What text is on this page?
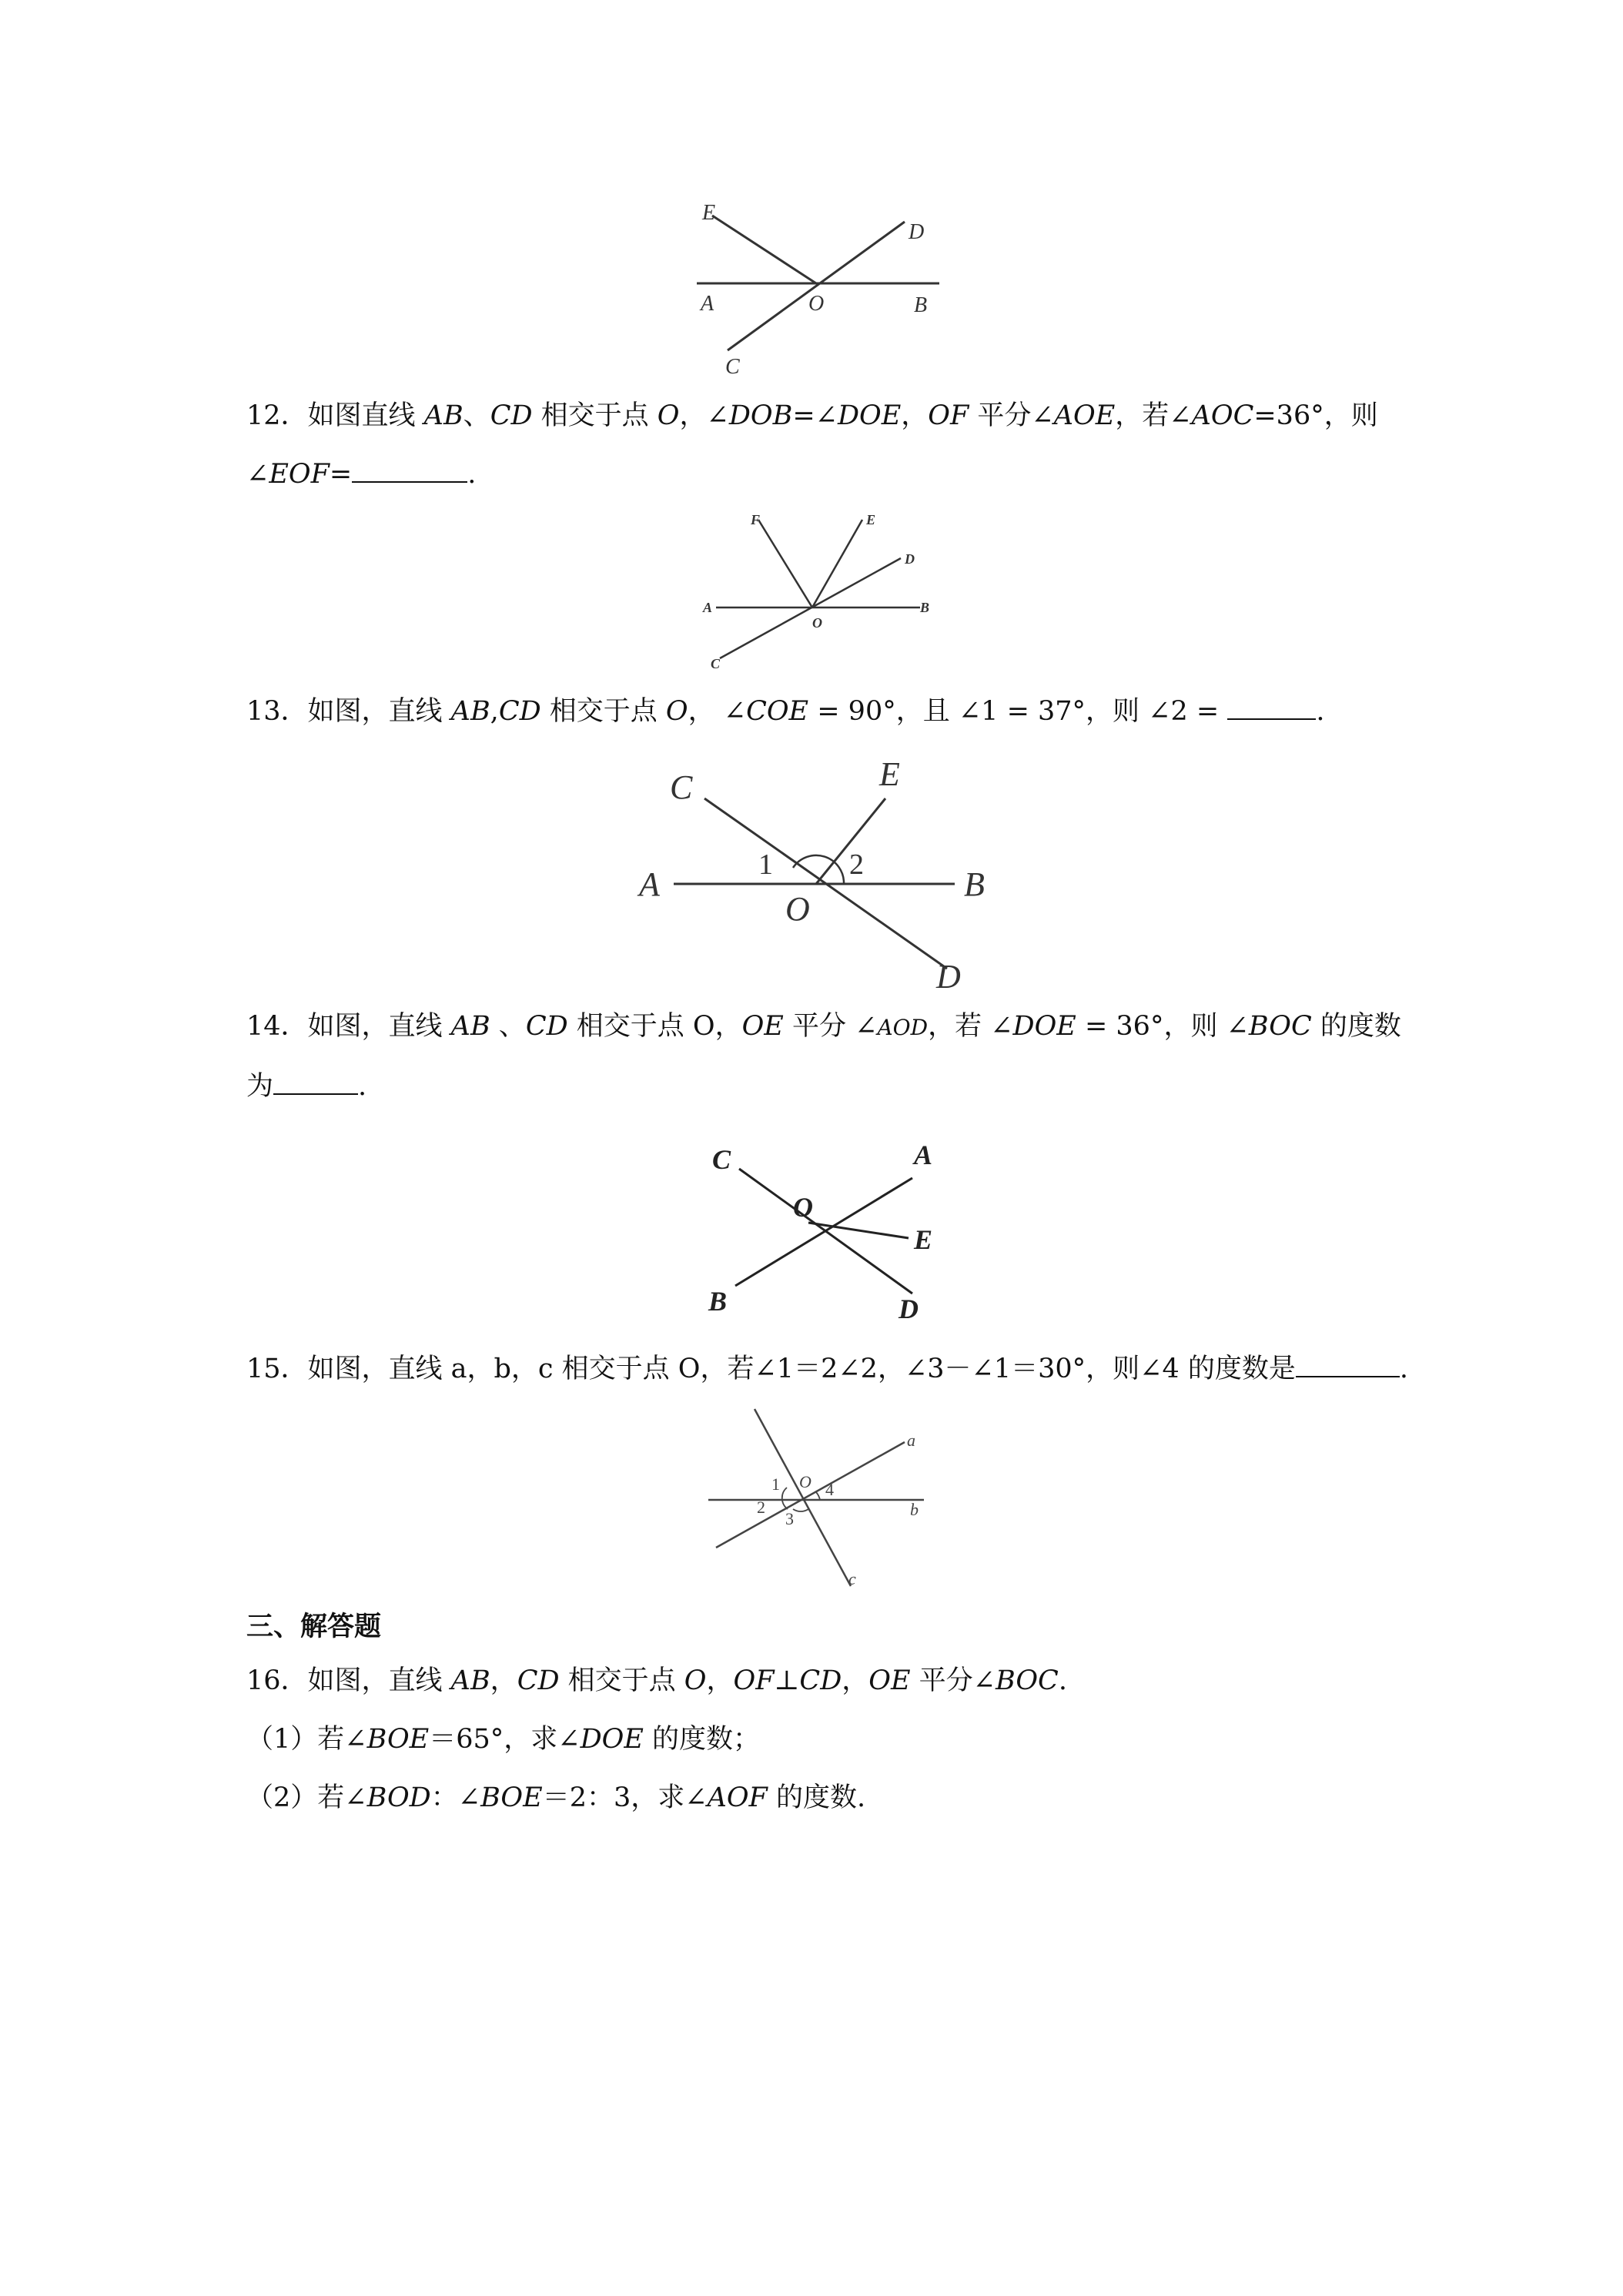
E
D
A	O	B
C
12．如图直线 AB、CD 相交于点 O，∠DOB=∠DOE，OF 平分∠AOE，若∠AOC=36°，则
∠EOF=	.
F	E
D
A
O
B
C
13．如图，直线 AB,CD 相交于点 O， ∠COE = 90°，且 ∠1 = 37°，则 ∠2 =	.
C	E
1	2
A
O
B
D
14．如图，直线 AB 、CD 相交于点 O，OE 平分 ∠AOD，若 ∠DOE = 36°，则 ∠BOC 的度数
为	.
C	A
O
E
B	D
15．如图，直线 a，b，c 相交于点 O，若∠1＝2∠2，∠3－∠1＝30°，则∠4 的度数是	.
a
1 O 4
2
3	b
c
三、解答题
16．如图，直线 AB，CD 相交于点 O，OF⊥CD，OE 平分∠BOC.
（1）若∠BOE＝65°，求∠DOE 的度数；
（2）若∠BOD：∠BOE＝2：3，求∠AOF 的度数.
